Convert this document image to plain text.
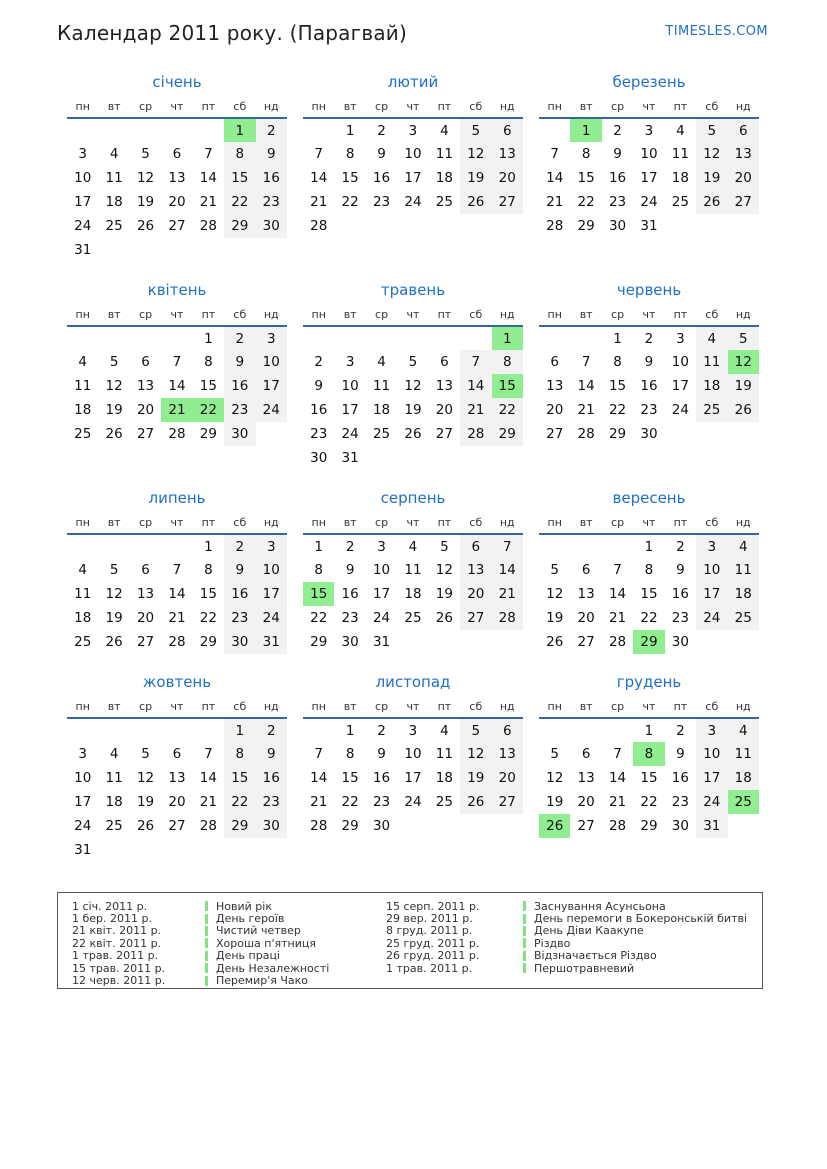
Календар 2011 року. (Парагвай)	TIMESLES.COM
січень
пн	вт	ср	чт	пт	сб	нд
					1	2
3	4	5	6	7	8	9
10	11	12	13	14	15	16
17	18	19	20	21	22	23
24	25	26	27	28	29	30
31						
лютий
пн	вт	ср	чт	пт	сб	нд
	1	2	3	4	5	6
7	8	9	10	11	12	13
14	15	16	17	18	19	20
21	22	23	24	25	26	27
28						
березень
пн	вт	ср	чт	пт	сб	нд
	1	2	3	4	5	6
7	8	9	10	11	12	13
14	15	16	17	18	19	20
21	22	23	24	25	26	27
28	29	30	31			
квітень
пн	вт	ср	чт	пт	сб	нд
				1	2	3
4	5	6	7	8	9	10
11	12	13	14	15	16	17
18	19	20	21	22	23	24
25	26	27	28	29	30	
травень
пн	вт	ср	чт	пт	сб	нд
						1
2	3	4	5	6	7	8
9	10	11	12	13	14	15
16	17	18	19	20	21	22
23	24	25	26	27	28	29
30	31					
червень
пн	вт	ср	чт	пт	сб	нд
		1	2	3	4	5
6	7	8	9	10	11	12
13	14	15	16	17	18	19
20	21	22	23	24	25	26
27	28	29	30			
липень
пн	вт	ср	чт	пт	сб	нд
				1	2	3
4	5	6	7	8	9	10
11	12	13	14	15	16	17
18	19	20	21	22	23	24
25	26	27	28	29	30	31
серпень
пн	вт	ср	чт	пт	сб	нд
1	2	3	4	5	6	7
8	9	10	11	12	13	14
15	16	17	18	19	20	21
22	23	24	25	26	27	28
29	30	31				
вересень
пн	вт	ср	чт	пт	сб	нд
			1	2	3	4
5	6	7	8	9	10	11
12	13	14	15	16	17	18
19	20	21	22	23	24	25
26	27	28	29	30		
жовтень
пн	вт	ср	чт	пт	сб	нд
					1	2
3	4	5	6	7	8	9
10	11	12	13	14	15	16
17	18	19	20	21	22	23
24	25	26	27	28	29	30
31						
листопад
пн	вт	ср	чт	пт	сб	нд
	1	2	3	4	5	6
7	8	9	10	11	12	13
14	15	16	17	18	19	20
21	22	23	24	25	26	27
28	29	30				
грудень
пн	вт	ср	чт	пт	сб	нд
			1	2	3	4
5	6	7	8	9	10	11
12	13	14	15	16	17	18
19	20	21	22	23	24	25
26	27	28	29	30	31	
1 січ. 2011 р.	Новий рік
1 бер. 2011 р.	День героїв
21 квіт. 2011 р.	Чистий четвер
22 квіт. 2011 р.	Хороша п'ятниця
1 трав. 2011 р.	День праці
15 трав. 2011 р.	День Незалежності
12 черв. 2011 р.	Перемир'я Чако
15 серп. 2011 р.	Заснування Асунсьона
29 вер. 2011 р.	День перемоги в Бокеронській битві
8 груд. 2011 р.	День Діви Каакупе
25 груд. 2011 р.	Різдво
26 груд. 2011 р.	Відзначається Різдво
1 трав. 2011 р.	Першотравневий
